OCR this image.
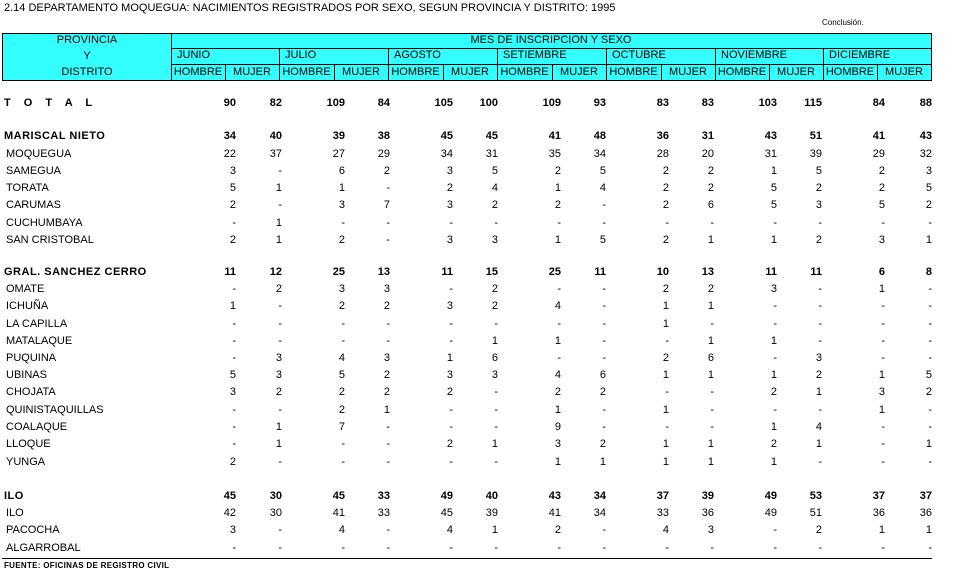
2.14 DEPARTAMENTO MOQUEGUA: NACIMIENTOS REGISTRADOS POR SEXO, SEGUN PROVINCIA Y DISTRITO: 1995
Conclusión.
PROVINCIA
Y
DISTRITO
MES DE INSCRIPCION Y SEXO
JUNIO
HOMBRE MUJER
JULIO
HOMBRE	MUJER
AGOSTO
HOMBRE	MUJER
SETIEMBRE
HOMBRE	MUJER
OCTUBRE
HOMBRE	MUJER
NOVIEMBRE
HOMBRE MUJER
DICIEMBRE
HOMBRE MUJER
T O T A L	90	82	109	84	105	100	109	93	83	83	103	115	84	88
MARISCAL NIETO	34	40	39	38	45	45	41	48	36	31	43	51	41	43
MOQUEGUA	22	37	27	29	34	31	35	34	28	20	31	39	29	32
SAMEGUA	3	-	6	2	3	5	2	5	2	2	1	5	2	3
TORATA	5	1	1	-	2	4	1	4	2	2	5	2	2	5
CARUMAS	2	-	3	7	3	2	2	-	2	6	5	3	5	2
CUCHUMBAYA	-	1	-	-	-	-	-	-	-	-	-	-	-	-
SAN CRISTOBAL	2	1	2	-	3	3	1	5	2	1	1	2	3	1
GRAL. SANCHEZ CERRO	11	12	25	13	11	15	25	11	10	13	11	11	6	8
OMATE	-	2	3	3	-	2	-	-	2	2	3	-	1	-
ICHUÑA	1	-	2	2	3	2	4	-	1	1	-	-	-	-
LA CAPILLA	-	-	-	-	-	-	-	-	1	-	-	-	-	-
MATALAQUE	-	-	-	-	-	1	1	-	-	1	1	-	-	-
PUQUINA	-	3	4	3	1	6	-	-	2	6	-	3	-	-
UBINAS	5	3	5	2	3	3	4	6	1	1	1	2	1	5
CHOJATA	3	2	2	2	2	-	2	2	-	-	2	1	3	2
QUINISTAQUILLAS	-	-	2	1	-	-	1	-	1	-	-	-	1	-
COALAQUE	-	1	7	-	-	-	9	-	-	-	1	4	-	-
LLOQUE	-	1	-	-	2	1	3	2	1	1	2	1	-	1
YUNGA	2	-	-	-	-	-	1	1	1	1	1	-	-	-
ILO	45	30	45	33	49	40	43	34	37	39	49	53	37	37
ILO	42	30	41	33	45	39	41	34	33	36	49	51	36	36
PACOCHA	3	-	4	-	4	1	2	-	4	3	-	2	1	1
ALGARROBAL	-	-	-	-	-	-	-	-	-	-	-	-	-	-
FUENTE: OFICINAS DE REGISTRO CIVIL
